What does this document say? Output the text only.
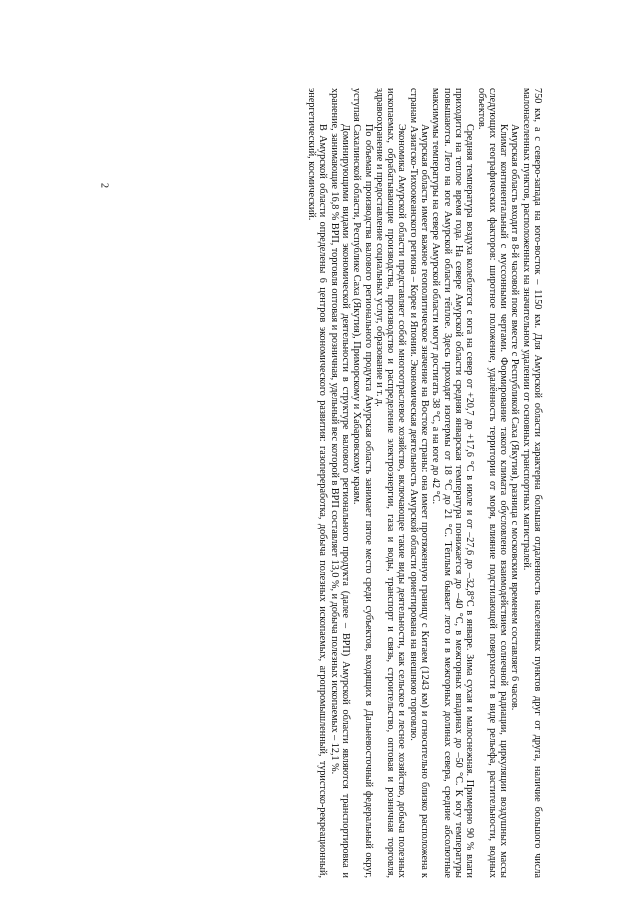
2	750 км, а с северо-запада на юго-восток – 1150 км. Для Амурской области характерна большая отдаленность населенных пунктов друг от друга, наличие большого числа малонаселенных пунктов, расположенных на значительном удалении от основных транспортных магистралей.

Амурская область входит в 8-й часовой пояс вместе с Республикой Саха (Якутия), разница с московским временем составляет 6 часов.

Климат континентальный с муссонными чертами. Формирование такого климата обусловлено взаимодействием солнечной радиации, циркуляции воздушных массы следующих географических факторов: широтное положение, удалённость территории от моря, влияние подстилающей поверхности в виде рельефа, растительности, водных объектов.

Средняя температура воздуха колеблется с юга на север от +20,7 до +17,6 °С в июле и от –27,6 до –32,8°С в январе. Зима сухая и малоснежная. Примерно 90 % влаги приходится на теплое время года. На севере Амурской области средняя январская температура понижается до –40 °С, в межгорных впадинах до –50 °С. К югу температуры повышаются. Лето на юге Амурской области тёплое. Здесь проходят изотермы от 18 °С до 21 °С. Тёплым бывает лето и в межгорных долинах севера, средние абсолютные максимумы температуры на севере Амурской области могут достигать 38 °С, а на юге до 42 °С.

Амурская область имеет важное геополитическое значение на Востоке страны: она имеет протяженную границу с Китаем (1243 км) и относительно близко расположена к странам Азиатско-Тихоокеанского региона – Корее и Японии. Экономическая деятельность Амурской области ориентирована на внешнюю торговлю.

Экономика Амурской области представляет собой многоотраслевое хозяйство, включающее такие виды деятельности, как сельское и лесное хозяйство, добыча полезных ископаемых, обрабатывающие производства, производство и распределение электроэнергии, газа и воды, транспорт и связь, строительство, оптовая и розничная торговля, здравоохранение и предоставление социальных услуг, образование и т. д.

По объемам производства валового регионального продукта Амурская область занимает пятое место среди субъектов, входящих в Дальневосточный федеральный округ, уступая Сахалинской области, Республике Саха (Якутия), Приморскому и Хабаровскому краям.

Доминирующими видами экономической деятельности в структуре валового регионального продукта (далее – ВРП) Амурской области являются транспортировка и хранение, занимающие 16,8 % ВРП, торговля оптовая и розничная, удельный вес которой в ВРП составляет 13,0 %, и добыча полезных ископаемых – 12,1 %.

В Амурской области определены 6 центров экономического развития: газопереработка, добыча полезных ископаемых, агропромышленный, туристско-рекреационный, энергетический, космический.
